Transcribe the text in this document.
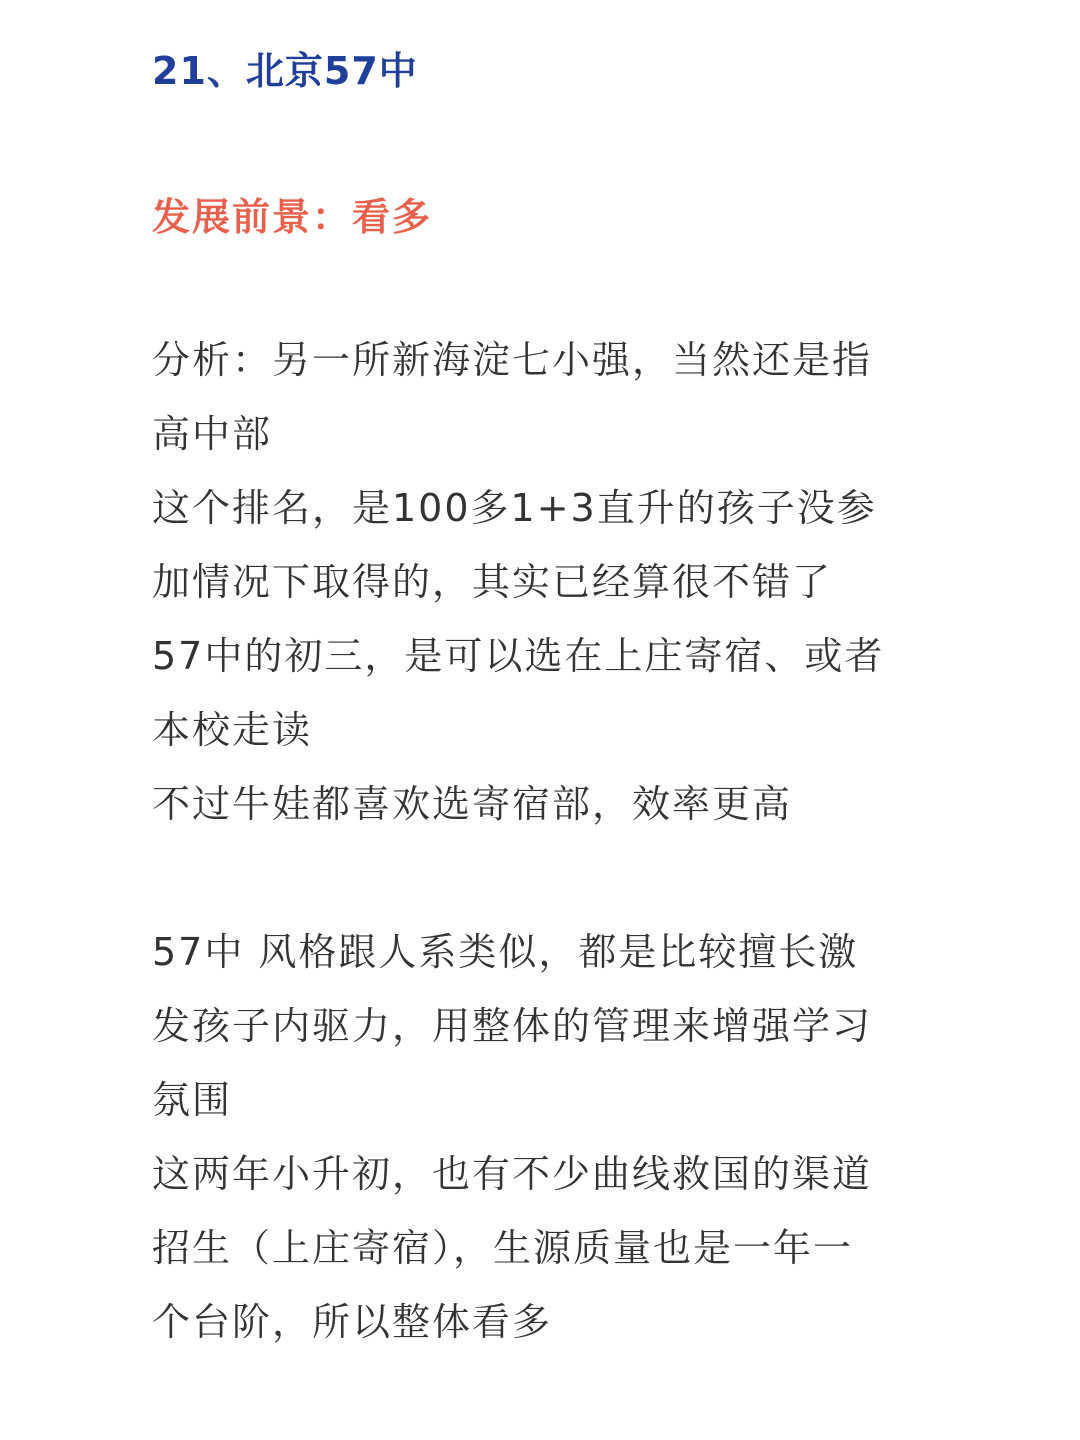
21、北京57中
发展前景：看多
分析：另一所新海淀七小强，当然还是指
高中部
这个排名，是100多1+3直升的孩子没参
加情况下取得的，其实已经算很不错了
57中的初三，是可以选在上庄寄宿、或者
本校走读
不过牛娃都喜欢选寄宿部，效率更高
57中 风格跟人系类似，都是比较擅长激
发孩子内驱力，用整体的管理来增强学习
氛围
这两年小升初，也有不少曲线救国的渠道
招生（上庄寄宿），生源质量也是一年一
个台阶，所以整体看多
